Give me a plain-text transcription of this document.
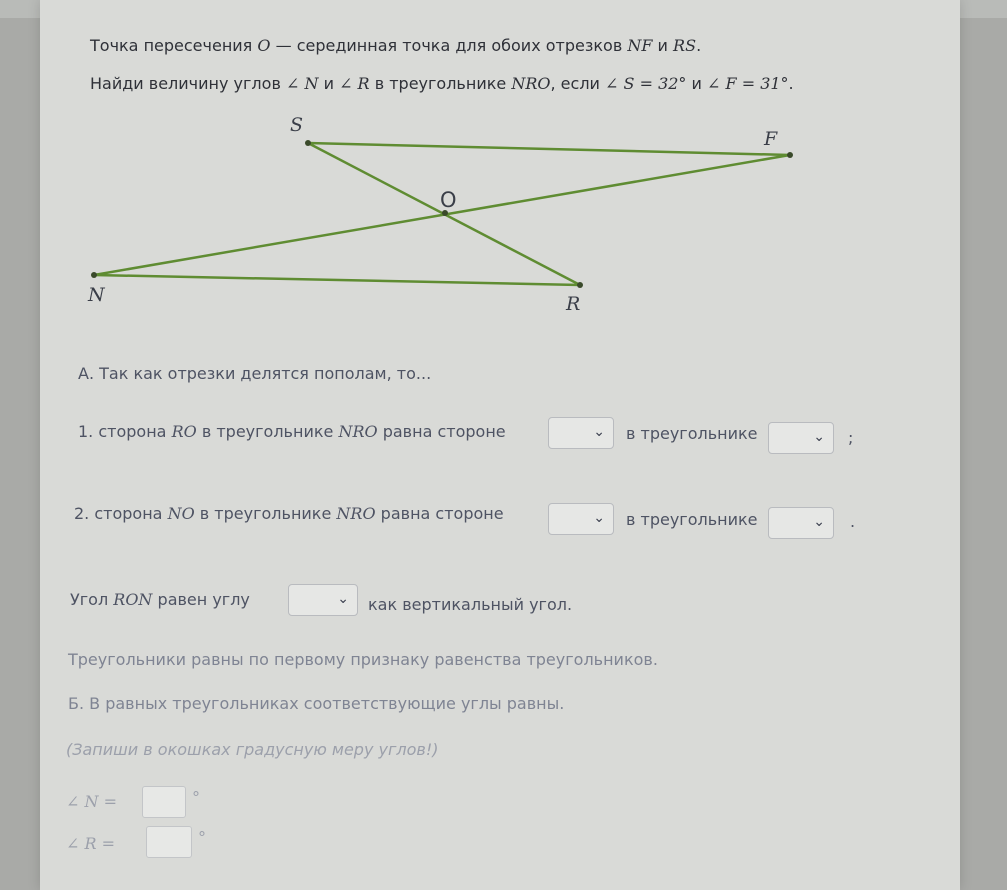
Точка пересечения O — серединная точка для обоих отрезков NF и RS.
Найди величину углов ∠ N и ∠ R в треугольнике NRO, если ∠ S = 32° и ∠ F = 31°.
S
F
O
N	R
А. Так как отрезки делятся пополам, то...
1. сторона RO в треугольнике NRO равна стороне	⌄ в треугольнике	⌄ ;
2. сторона NO в треугольнике NRO равна стороне	⌄ в треугольнике	⌄ .
Угол RON равен углу	⌄ как вертикальный угол.
Треугольники равны по первому признаку равенства треугольников.
Б. В равных треугольниках соответствующие углы равны.
(Запиши в окошках градусную меру углов!)
∠ N =	°
∠ R =	°
